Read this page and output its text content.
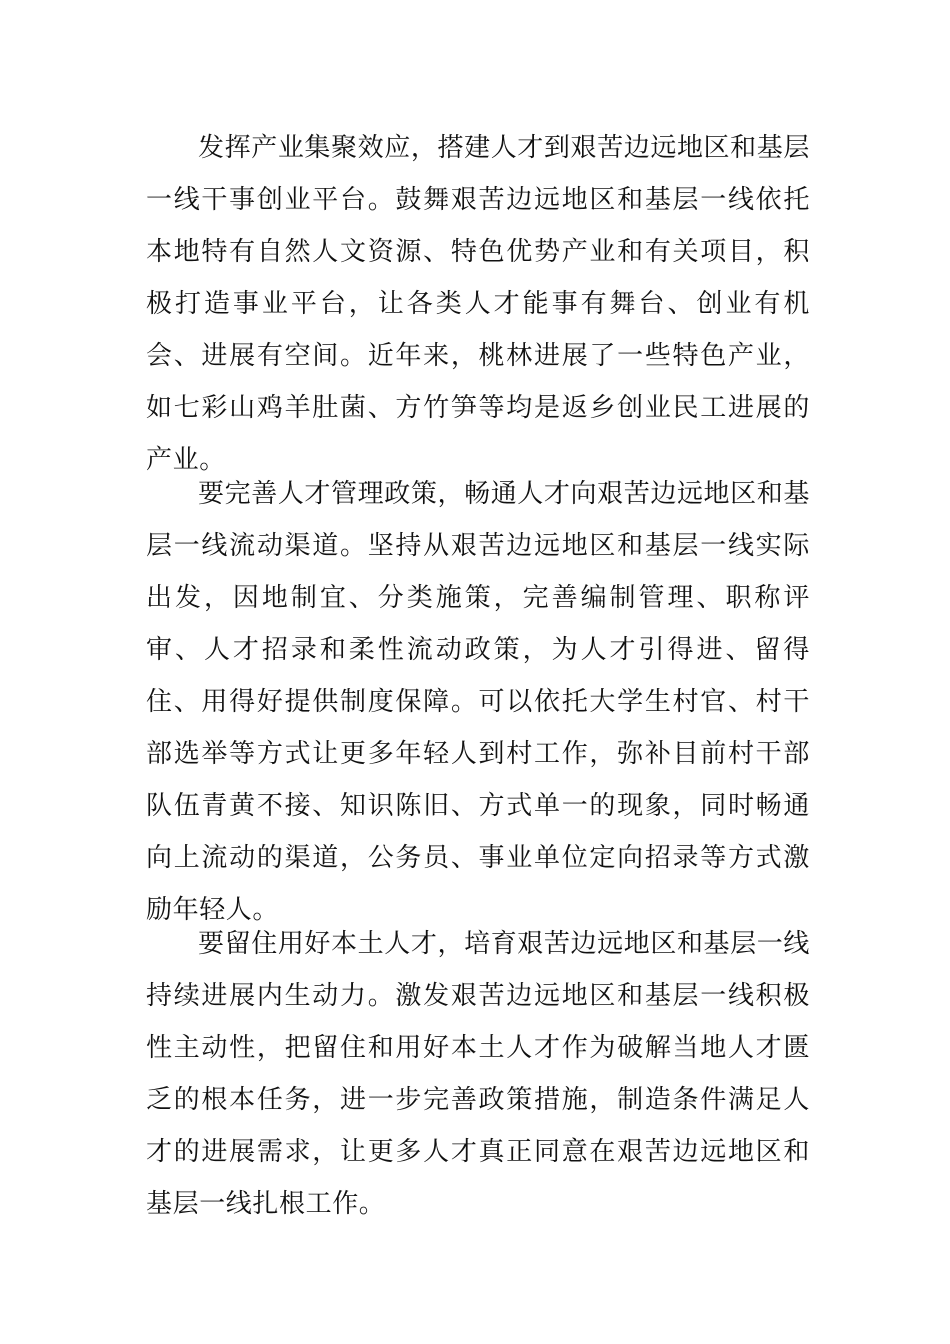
发挥产业集聚效应，搭建人才到艰苦边远地区和基层一线干事创业平台。鼓舞艰苦边远地区和基层一线依托本地特有自然人文资源、特色优势产业和有关项目，积极打造事业平台，让各类人才能事有舞台、创业有机会、进展有空间。近年来，桃林进展了一些特色产业，如七彩山鸡羊肚菌、方竹笋等均是返乡创业民工进展的产业。

要完善人才管理政策，畅通人才向艰苦边远地区和基层一线流动渠道。坚持从艰苦边远地区和基层一线实际出发，因地制宜、分类施策，完善编制管理、职称评审、人才招录和柔性流动政策，为人才引得进、留得住、用得好提供制度保障。可以依托大学生村官、村干部选举等方式让更多年轻人到村工作，弥补目前村干部队伍青黄不接、知识陈旧、方式单一的现象，同时畅通向上流动的渠道，公务员、事业单位定向招录等方式激励年轻人。

要留住用好本土人才，培育艰苦边远地区和基层一线持续进展内生动力。激发艰苦边远地区和基层一线积极性主动性，把留住和用好本土人才作为破解当地人才匮乏的根本任务，进一步完善政策措施，制造条件满足人才的进展需求，让更多人才真正同意在艰苦边远地区和基层一线扎根工作。
